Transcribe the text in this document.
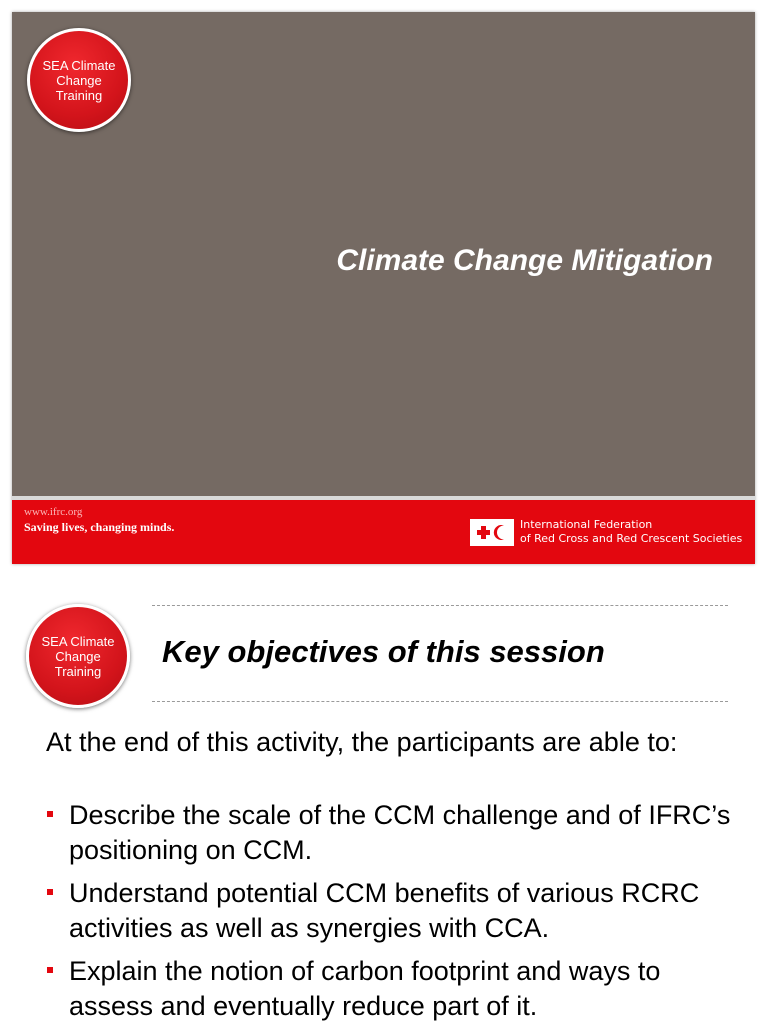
SEA Climate Change Training
Climate Change Mitigation
www.ifrc.org
Saving lives, changing minds.	International Federation
of Red Cross and Red Crescent Societies
SEA Climate Change Training
Key objectives of this session
At the end of this activity, the participants are able to:
Describe the scale of the CCM challenge and of IFRC’s positioning on CCM.
Understand potential CCM benefits of various RCRC activities as well as synergies with CCA.
Explain the notion of carbon footprint and ways to assess and eventually reduce part of it.
